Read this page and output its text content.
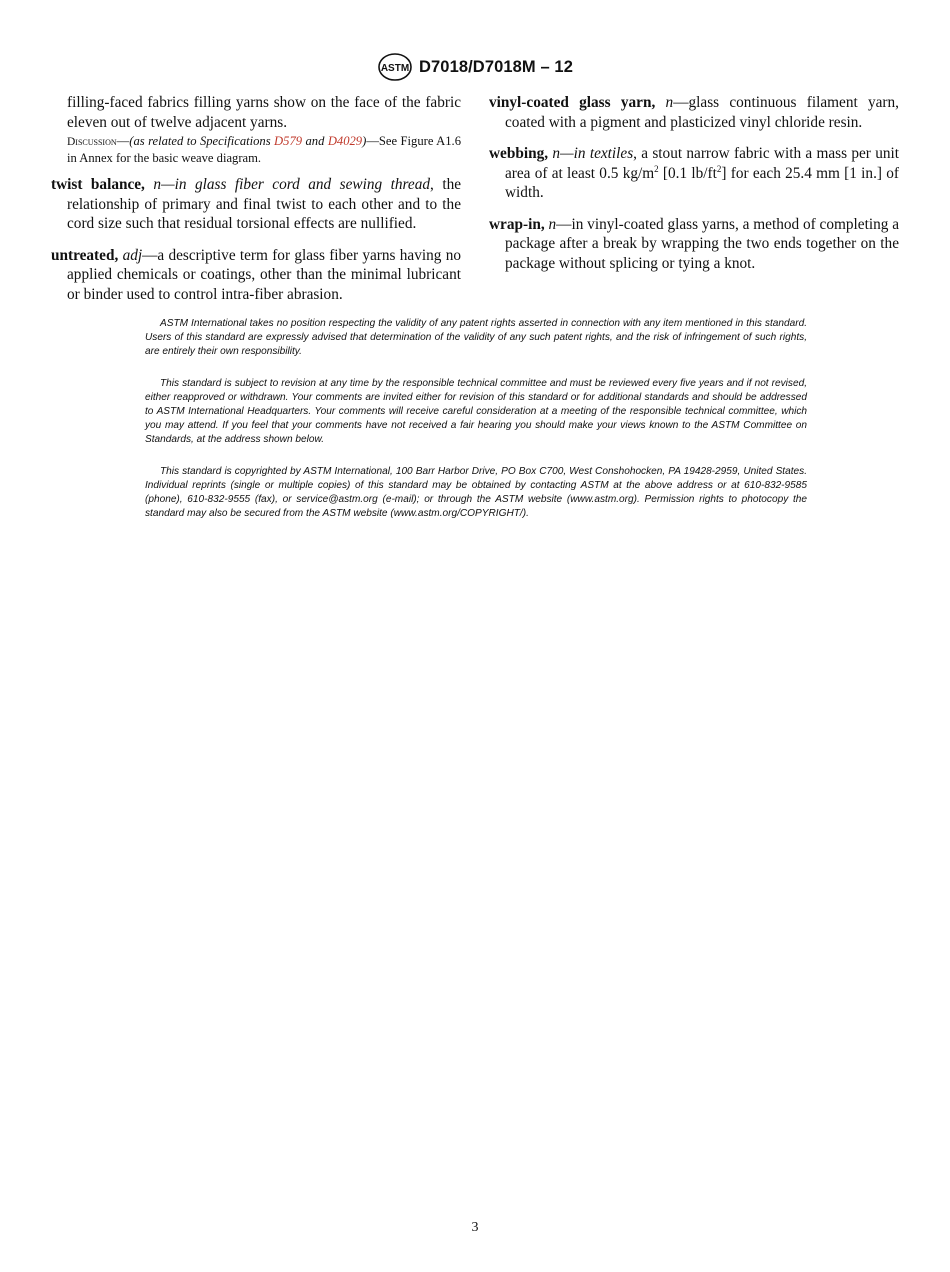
ASTM D7018/D7018M – 12

filling-faced fabrics filling yarns show on the face of the fabric eleven out of twelve adjacent yarns.

Discussion—(as related to Specifications D579 and D4029)—See Figure A1.6 in Annex for the basic weave diagram.

twist balance, n—in glass fiber cord and sewing thread, the relationship of primary and final twist to each other and to the cord size such that residual torsional effects are nullified.

untreated, adj—a descriptive term for glass fiber yarns having no applied chemicals or coatings, other than the minimal lubricant or binder used to control intra-fiber abrasion.

vinyl-coated glass yarn, n—glass continuous filament yarn, coated with a pigment and plasticized vinyl chloride resin.

webbing, n—in textiles, a stout narrow fabric with a mass per unit area of at least 0.5 $kg/m^2$ [0.1 $lb/ft^2$] for each 25.4 mm [1 in.] of width.

wrap-in, n—in vinyl-coated glass yarns, a method of completing a package after a break by wrapping the two ends together on the package without splicing or tying a knot.

ASTM International takes no position respecting the validity of any patent rights asserted in connection with any item mentioned in this standard. Users of this standard are expressly advised that determination of the validity of any such patent rights, and the risk of infringement of such rights, are entirely their own responsibility.

This standard is subject to revision at any time by the responsible technical committee and must be reviewed every five years and if not revised, either reapproved or withdrawn. Your comments are invited either for revision of this standard or for additional standards and should be addressed to ASTM International Headquarters. Your comments will receive careful consideration at a meeting of the responsible technical committee, which you may attend. If you feel that your comments have not received a fair hearing you should make your views known to the ASTM Committee on Standards, at the address shown below.

This standard is copyrighted by ASTM International, 100 Barr Harbor Drive, PO Box C700, West Conshohocken, PA 19428-2959, United States. Individual reprints (single or multiple copies) of this standard may be obtained by contacting ASTM at the above address or at 610-832-9585 (phone), 610-832-9555 (fax), or service@astm.org (e-mail); or through the ASTM website (www.astm.org). Permission rights to photocopy the standard may also be secured from the ASTM website (www.astm.org/COPYRIGHT/).

3
